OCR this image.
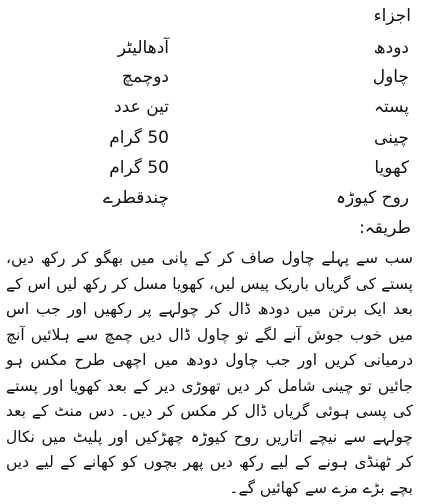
اجزاء
دودھ
آدھالیٹر
چاول
دوچمچ
پستہ
تین عدد
چینی
50 گرام
کھویا
50 گرام
روح کیوڑہ
چندقطرے
طریقہ:

سب سے پہلے چاول صاف کر کے پانی میں بھگو کر رکھ دیں، پستے کی گریاں باریک پیس لیں، کھویا مسل کر رکھ لیں اس کے بعد ایک برتن میں دودھ ڈال کر چولہے پر رکھیں اور جب اس میں خوب جوش آنے لگے تو چاول ڈال دیں چمچ سے ہلائیں آنچ درمیانی کریں اور جب چاول دودھ میں اچھی طرح مکس ہو جائیں تو چینی شامل کر دیں تھوڑی دیر کے بعد کھویا اور پستے کی پسی ہوئی گریاں ڈال کر مکس کر دیں۔ دس منٹ کے بعد چولہے سے نیچے اتاریں روح کیوڑہ چھڑکیں اور پلیٹ میں نکال کر ٹھنڈی ہونے کے لیے رکھ دیں پھر بچوں کو کھانے کے لیے دیں بچے بڑے مزے سے کھائیں گے۔
